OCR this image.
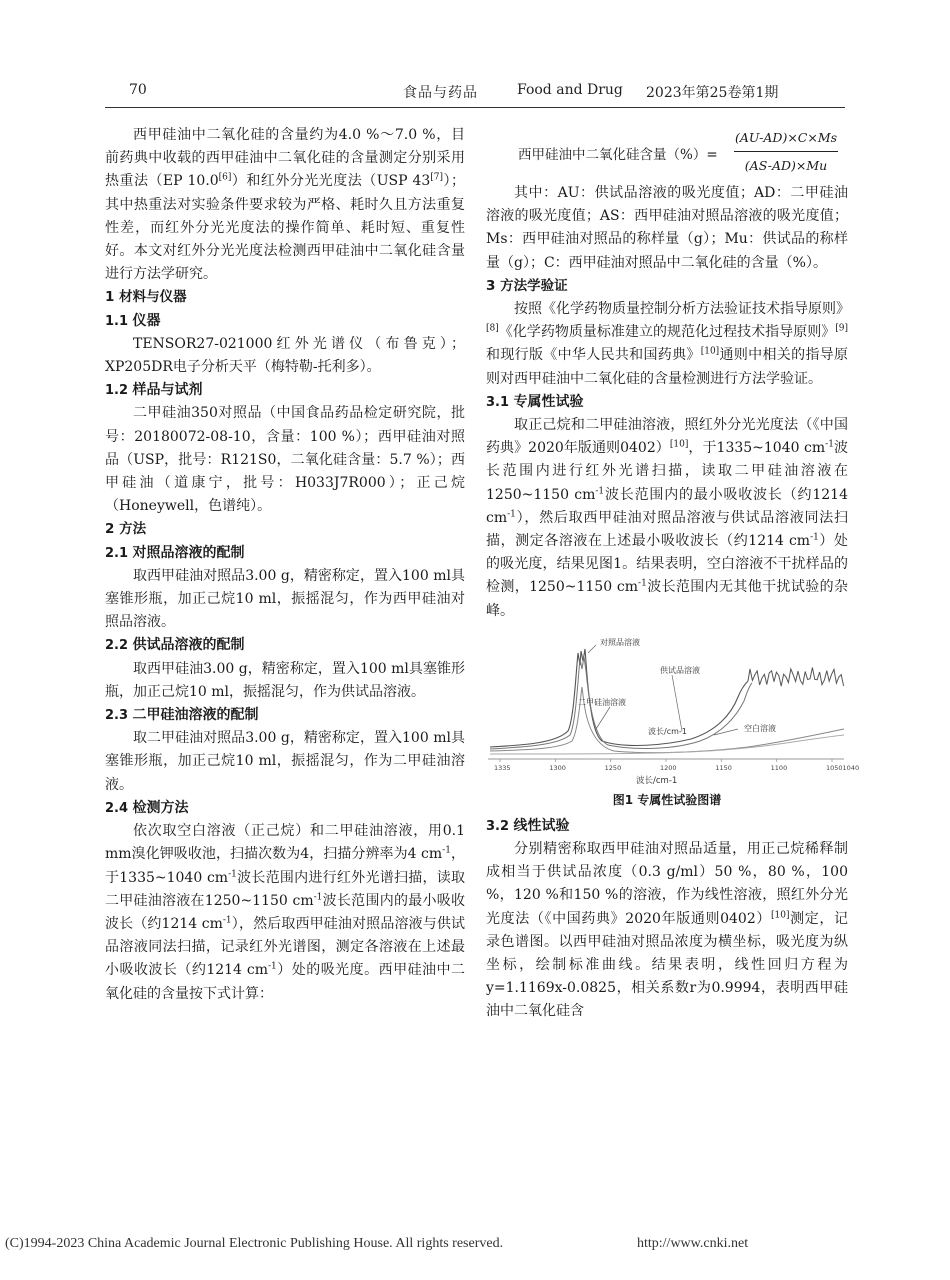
70	食品与药品	Food and Drug 2023年第25卷第1期

西甲硅油中二氧化硅的含量约为4.0 %～7.0 %，目前药典中收载的西甲硅油中二氧化硅的含量测定分别采用热重法（EP 10.0[6]）和红外分光光度法（USP 43[7]）；其中热重法对实验条件要求较为严格、耗时久且方法重复性差，而红外分光光度法的操作简单、耗时短、重复性好。本文对红外分光光度法检测西甲硅油中二氧化硅含量进行方法学研究。

1 材料与仪器

1.1 仪器

TENSOR27-021000红外光谱仪（布鲁克）；XP205DR电子分析天平（梅特勒-托利多）。

1.2 样品与试剂

二甲硅油350对照品（中国食品药品检定研究院，批号：20180072-08-10，含量：100 %）；西甲硅油对照品（USP，批号：R121S0，二氧化硅含量：5.7 %）；西甲硅油（道康宁，批号：H033J7R000）；正己烷（Honeywell，色谱纯）。

2 方法

2.1 对照品溶液的配制

取西甲硅油对照品3.00 g，精密称定，置入100 ml具塞锥形瓶，加正己烷10 ml，振摇混匀，作为西甲硅油对照品溶液。

2.2 供试品溶液的配制

取西甲硅油3.00 g，精密称定，置入100 ml具塞锥形瓶，加正己烷10 ml，振摇混匀，作为供试品溶液。

2.3 二甲硅油溶液的配制

取二甲硅油对照品3.00 g，精密称定，置入100 ml具塞锥形瓶，加正己烷10 ml，振摇混匀，作为二甲硅油溶液。

2.4 检测方法

依次取空白溶液（正己烷）和二甲硅油溶液，用0.1 mm溴化钾吸收池，扫描次数为4，扫描分辨率为4 $cm^{-1}$，于1335~1040 $cm^{-1}$波长范围内进行红外光谱扫描，读取二甲硅油溶液在1250~1150 $cm^{-1}$波长范围内的最小吸收波长（约1214 $cm^{-1}$），然后取西甲硅油对照品溶液与供试品溶液同法扫描，记录红外光谱图，测定各溶液在上述最小吸收波长（约1214 $cm^{-1}$）处的吸光度。西甲硅油中二氧化硅的含量按下式计算：

西甲硅油中二氧化硅含量（%）= $\frac{(AU-AD)\times C\times Ms}{(AS-AD)\times Mu}$

其中：AU：供试品溶液的吸光度值；AD：二甲硅油溶液的吸光度值；AS：西甲硅油对照品溶液的吸光度值；Ms：西甲硅油对照品的称样量（g）；Mu：供试品的称样量（g）；C：西甲硅油对照品中二氧化硅的含量（%）。

3 方法学验证

按照《化学药物质量控制分析方法验证技术指导原则》[8]《化学药物质量标准建立的规范化过程技术指导原则》[9]和现行版《中华人民共和国药典》[10]通则中相关的指导原则对西甲硅油中二氧化硅的含量检测进行方法学验证。

3.1 专属性试验

取正己烷和二甲硅油溶液，照红外分光光度法（《中国药典》2020年版通则0402）[10]，于1335~1040 $cm^{-1}$波长范围内进行红外光谱扫描，读取二甲硅油溶液在1250~1150 $cm^{-1}$波长范围内的最小吸收波长（约1214 $cm^{-1}$），然后取西甲硅油对照品溶液与供试品溶液同法扫描，测定各溶液在上述最小吸收波长（约1214 $cm^{-1}$）处的吸光度，结果见图1。结果表明，空白溶液不干扰样品的检测，1250~1150 $cm^{-1}$波长范围内无其他干扰试验的杂峰。

1335	1300	1250	1200	1150	1100	10501040
对照品溶液
供试品溶液
二甲硅油溶液
空白溶液
波长/cm-1
波长/cm-1

图1 专属性试验图谱

3.2 线性试验

分别精密称取西甲硅油对照品适量，用正己烷稀释制成相当于供试品浓度（0.3 g/ml）50 %，80 %，100 %，120 %和150 %的溶液，作为线性溶液，照红外分光光度法（《中国药典》2020年版通则0402）[10]测定，记录色谱图。以西甲硅油对照品浓度为横坐标，吸光度为纵坐标，绘制标准曲线。结果表明，线性回归方程为y=1.1169x-0.0825，相关系数r为0.9994，表明西甲硅油中二氧化硅含

(C)1994-2023 China Academic Journal Electronic Publishing House. All rights reserved.	http://www.cnki.net
